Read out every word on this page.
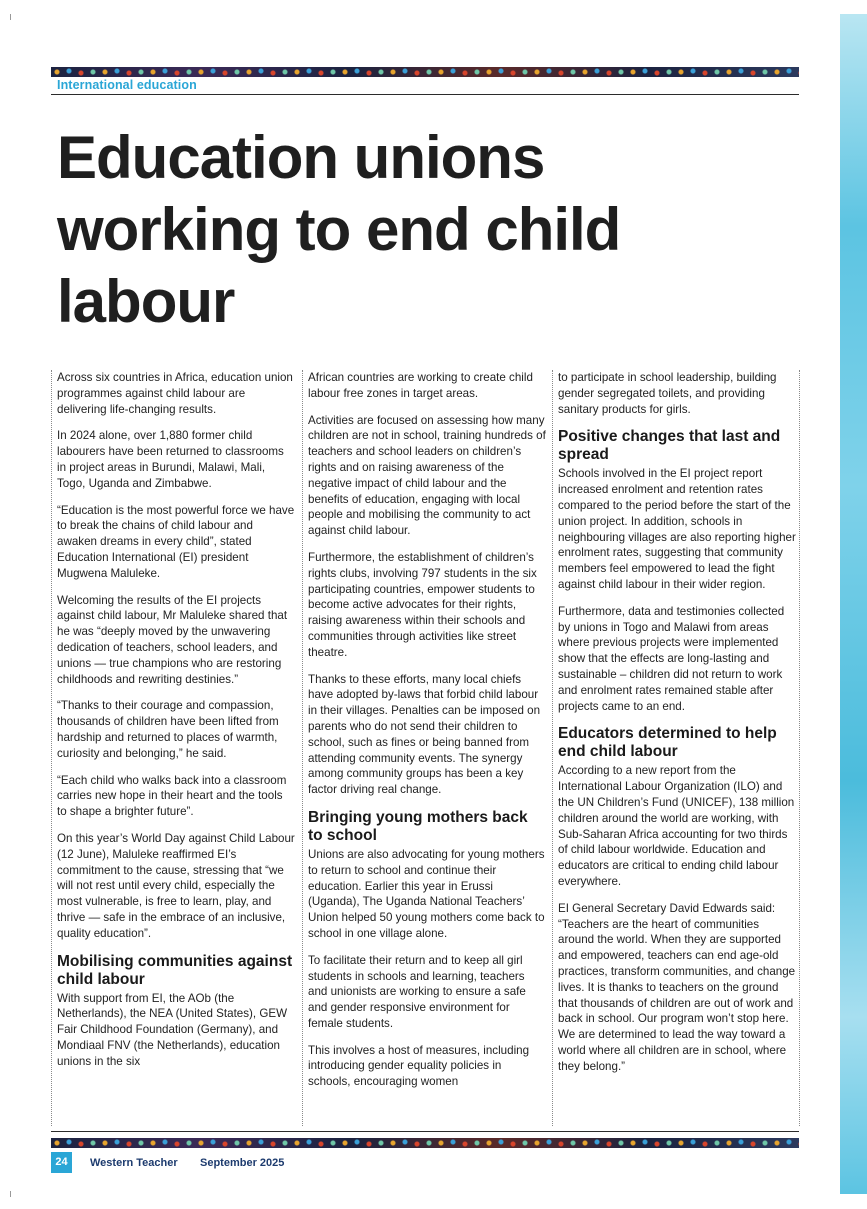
International education
Education unions working to end child labour

Across six countries in Africa, education union programmes against child labour are delivering life-changing results.

In 2024 alone, over 1,880 former child labourers have been returned to classrooms in project areas in Burundi, Malawi, Mali, Togo, Uganda and Zimbabwe.

“Education is the most powerful force we have to break the chains of child labour and awaken dreams in every child”, stated Education International (EI) president Mugwena Maluleke.

Welcoming the results of the EI projects against child labour, Mr Maluleke shared that he was “deeply moved by the unwavering dedication of teachers, school leaders, and unions — true champions who are restoring childhoods and rewriting destinies.”

“Thanks to their courage and compassion, thousands of children have been lifted from hardship and returned to places of warmth, curiosity and belonging,” he said.

“Each child who walks back into a classroom carries new hope in their heart and the tools to shape a brighter future”.

On this year’s World Day against Child Labour (12 June), Maluleke reaffirmed EI’s commitment to the cause, stressing that “we will not rest until every child, especially the most vulnerable, is free to learn, play, and thrive — safe in the embrace of an inclusive, quality education”.

Mobilising communities against child labour

With support from EI, the AOb (the Netherlands), the NEA (United States), GEW Fair Childhood Foundation (Germany), and Mondiaal FNV (the Netherlands), education unions in the six

African countries are working to create child labour free zones in target areas.

Activities are focused on assessing how many children are not in school, training hundreds of teachers and school leaders on children’s rights and on raising awareness of the negative impact of child labour and the benefits of education, engaging with local people and mobilising the community to act against child labour.

Furthermore, the establishment of children’s rights clubs, involving 797 students in the six participating countries, empower students to become active advocates for their rights, raising awareness within their schools and communities through activities like street theatre.

Thanks to these efforts, many local chiefs have adopted by-laws that forbid child labour in their villages. Penalties can be imposed on parents who do not send their children to school, such as fines or being banned from attending community events. The synergy among community groups has been a key factor driving real change.

Bringing young mothers back to school

Unions are also advocating for young mothers to return to school and continue their education. Earlier this year in Erussi (Uganda), The Uganda National Teachers’ Union helped 50 young mothers come back to school in one village alone.

To facilitate their return and to keep all girl students in schools and learning, teachers and unionists are working to ensure a safe and gender responsive environment for female students.

This involves a host of measures, including introducing gender equality policies in schools, encouraging women

to participate in school leadership, building gender segregated toilets, and providing sanitary products for girls.

Positive changes that last and spread

Schools involved in the EI project report increased enrolment and retention rates compared to the period before the start of the union project. In addition, schools in neighbouring villages are also reporting higher enrolment rates, suggesting that community members feel empowered to lead the fight against child labour in their wider region.

Furthermore, data and testimonies collected by unions in Togo and Malawi from areas where previous projects were implemented show that the effects are long-lasting and sustainable – children did not return to work and enrolment rates remained stable after projects came to an end.

Educators determined to help end child labour

According to a new report from the International Labour Organization (ILO) and the UN Children’s Fund (UNICEF), 138 million children around the world are working, with Sub-Saharan Africa accounting for two thirds of child labour worldwide. Education and educators are critical to ending child labour everywhere.

EI General Secretary David Edwards said: “Teachers are the heart of communities around the world. When they are supported and empowered, teachers can end age-old practices, transform communities, and change lives. It is thanks to teachers on the ground that thousands of children are out of work and back in school. Our program won’t stop here. We are determined to lead the way toward a world where all children are in school, where they belong.”

24	Western Teacher September 2025
